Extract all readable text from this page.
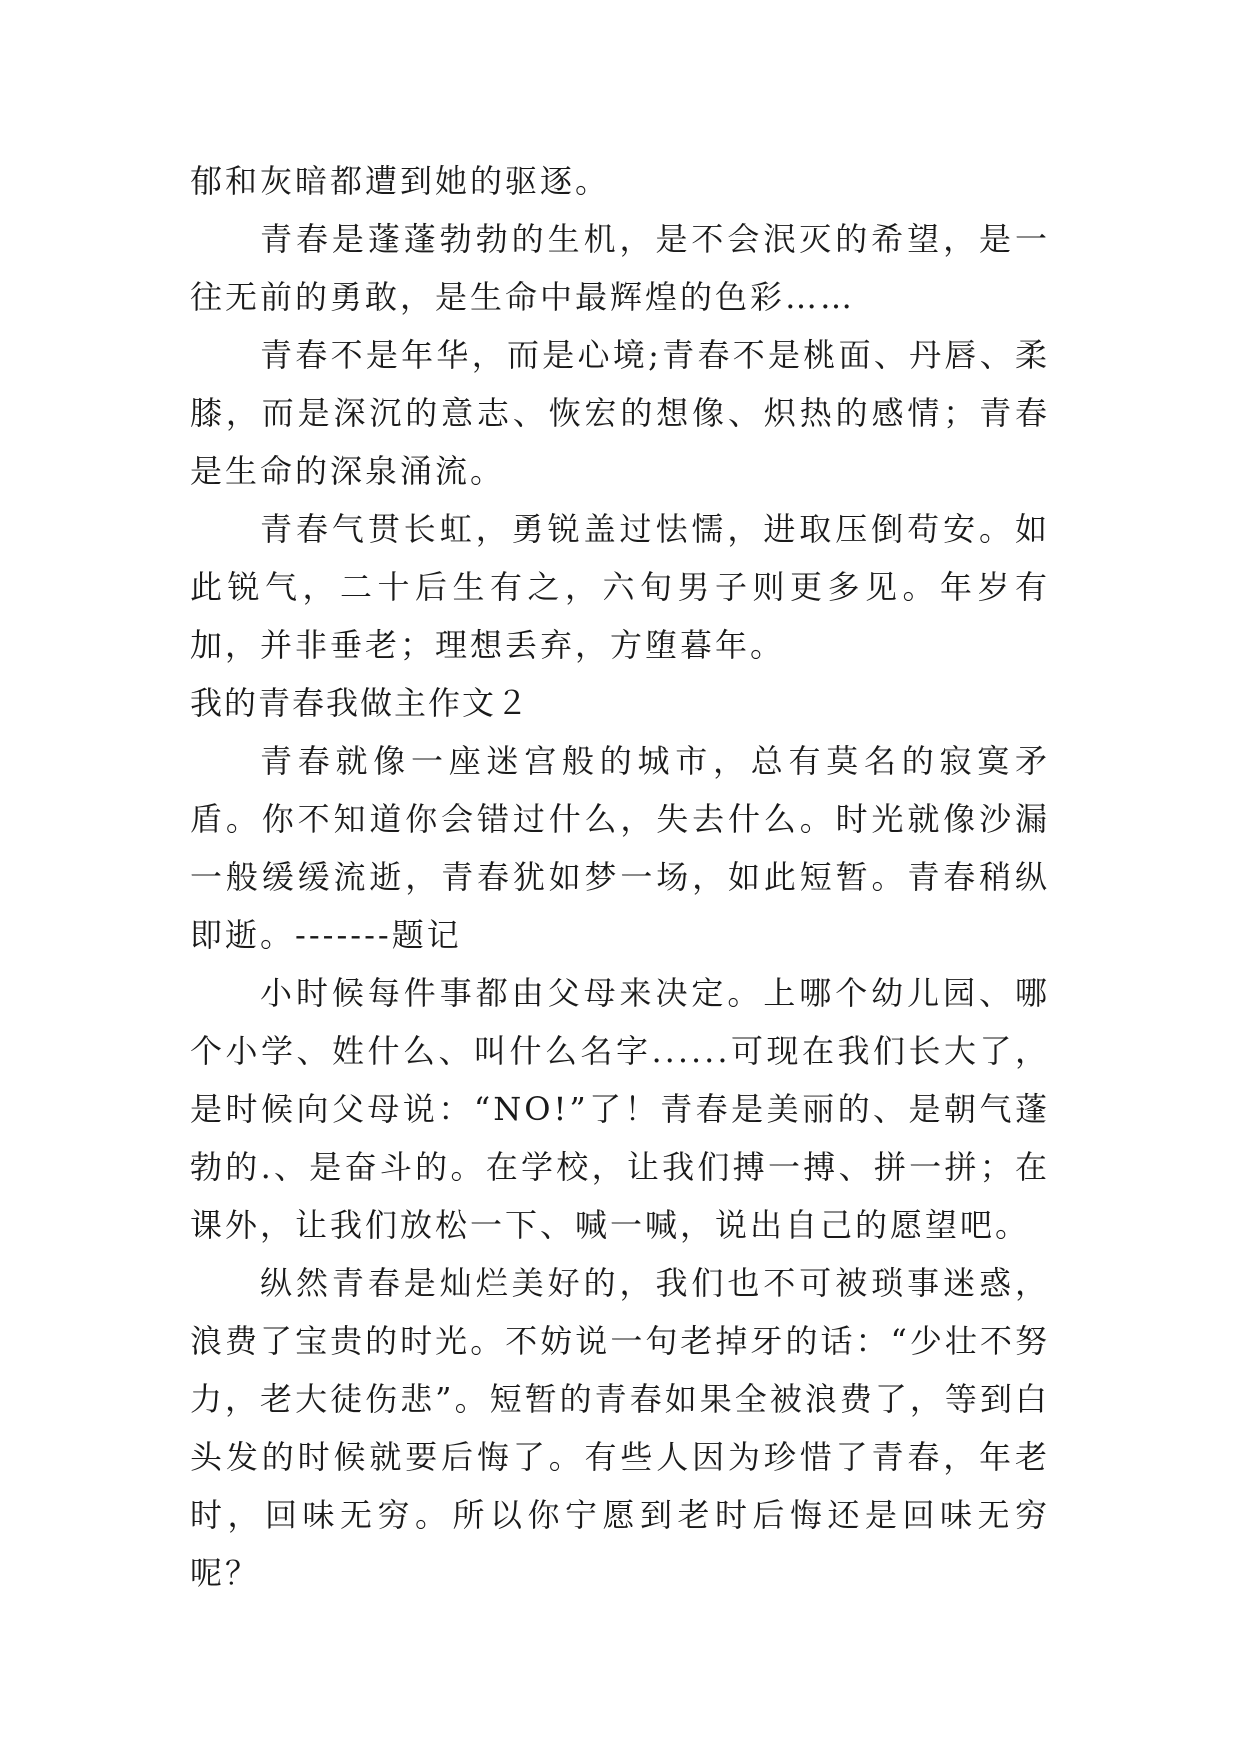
郁和灰暗都遭到她的驱逐。

青春是蓬蓬勃勃的生机，是不会泯灭的希望，是一往无前的勇敢，是生命中最辉煌的色彩……

青春不是年华，而是心境;青春不是桃面、丹唇、柔膝，而是深沉的意志、恢宏的想像、炽热的感情；青春是生命的深泉涌流。

青春气贯长虹，勇锐盖过怯懦，进取压倒苟安。如此锐气，二十后生有之，六旬男子则更多见。年岁有加，并非垂老；理想丢弃，方堕暮年。

我的青春我做主作文２

青春就像一座迷宫般的城市，总有莫名的寂寞矛盾。你不知道你会错过什么，失去什么。时光就像沙漏一般缓缓流逝，青春犹如梦一场，如此短暂。青春稍纵即逝。-------题记

小时候每件事都由父母来决定。上哪个幼儿园、哪个小学、姓什么、叫什么名字......可现在我们长大了，是时候向父母说：“NO!”了！青春是美丽的、是朝气蓬勃的.、是奋斗的。在学校，让我们搏一搏、拼一拼；在课外，让我们放松一下、喊一喊，说出自己的愿望吧。

纵然青春是灿烂美好的，我们也不可被琐事迷惑，浪费了宝贵的时光。不妨说一句老掉牙的话：“少壮不努力，老大徒伤悲”。短暂的青春如果全被浪费了，等到白头发的时候就要后悔了。有些人因为珍惜了青春，年老时，回味无穷。所以你宁愿到老时后悔还是回味无穷呢？
